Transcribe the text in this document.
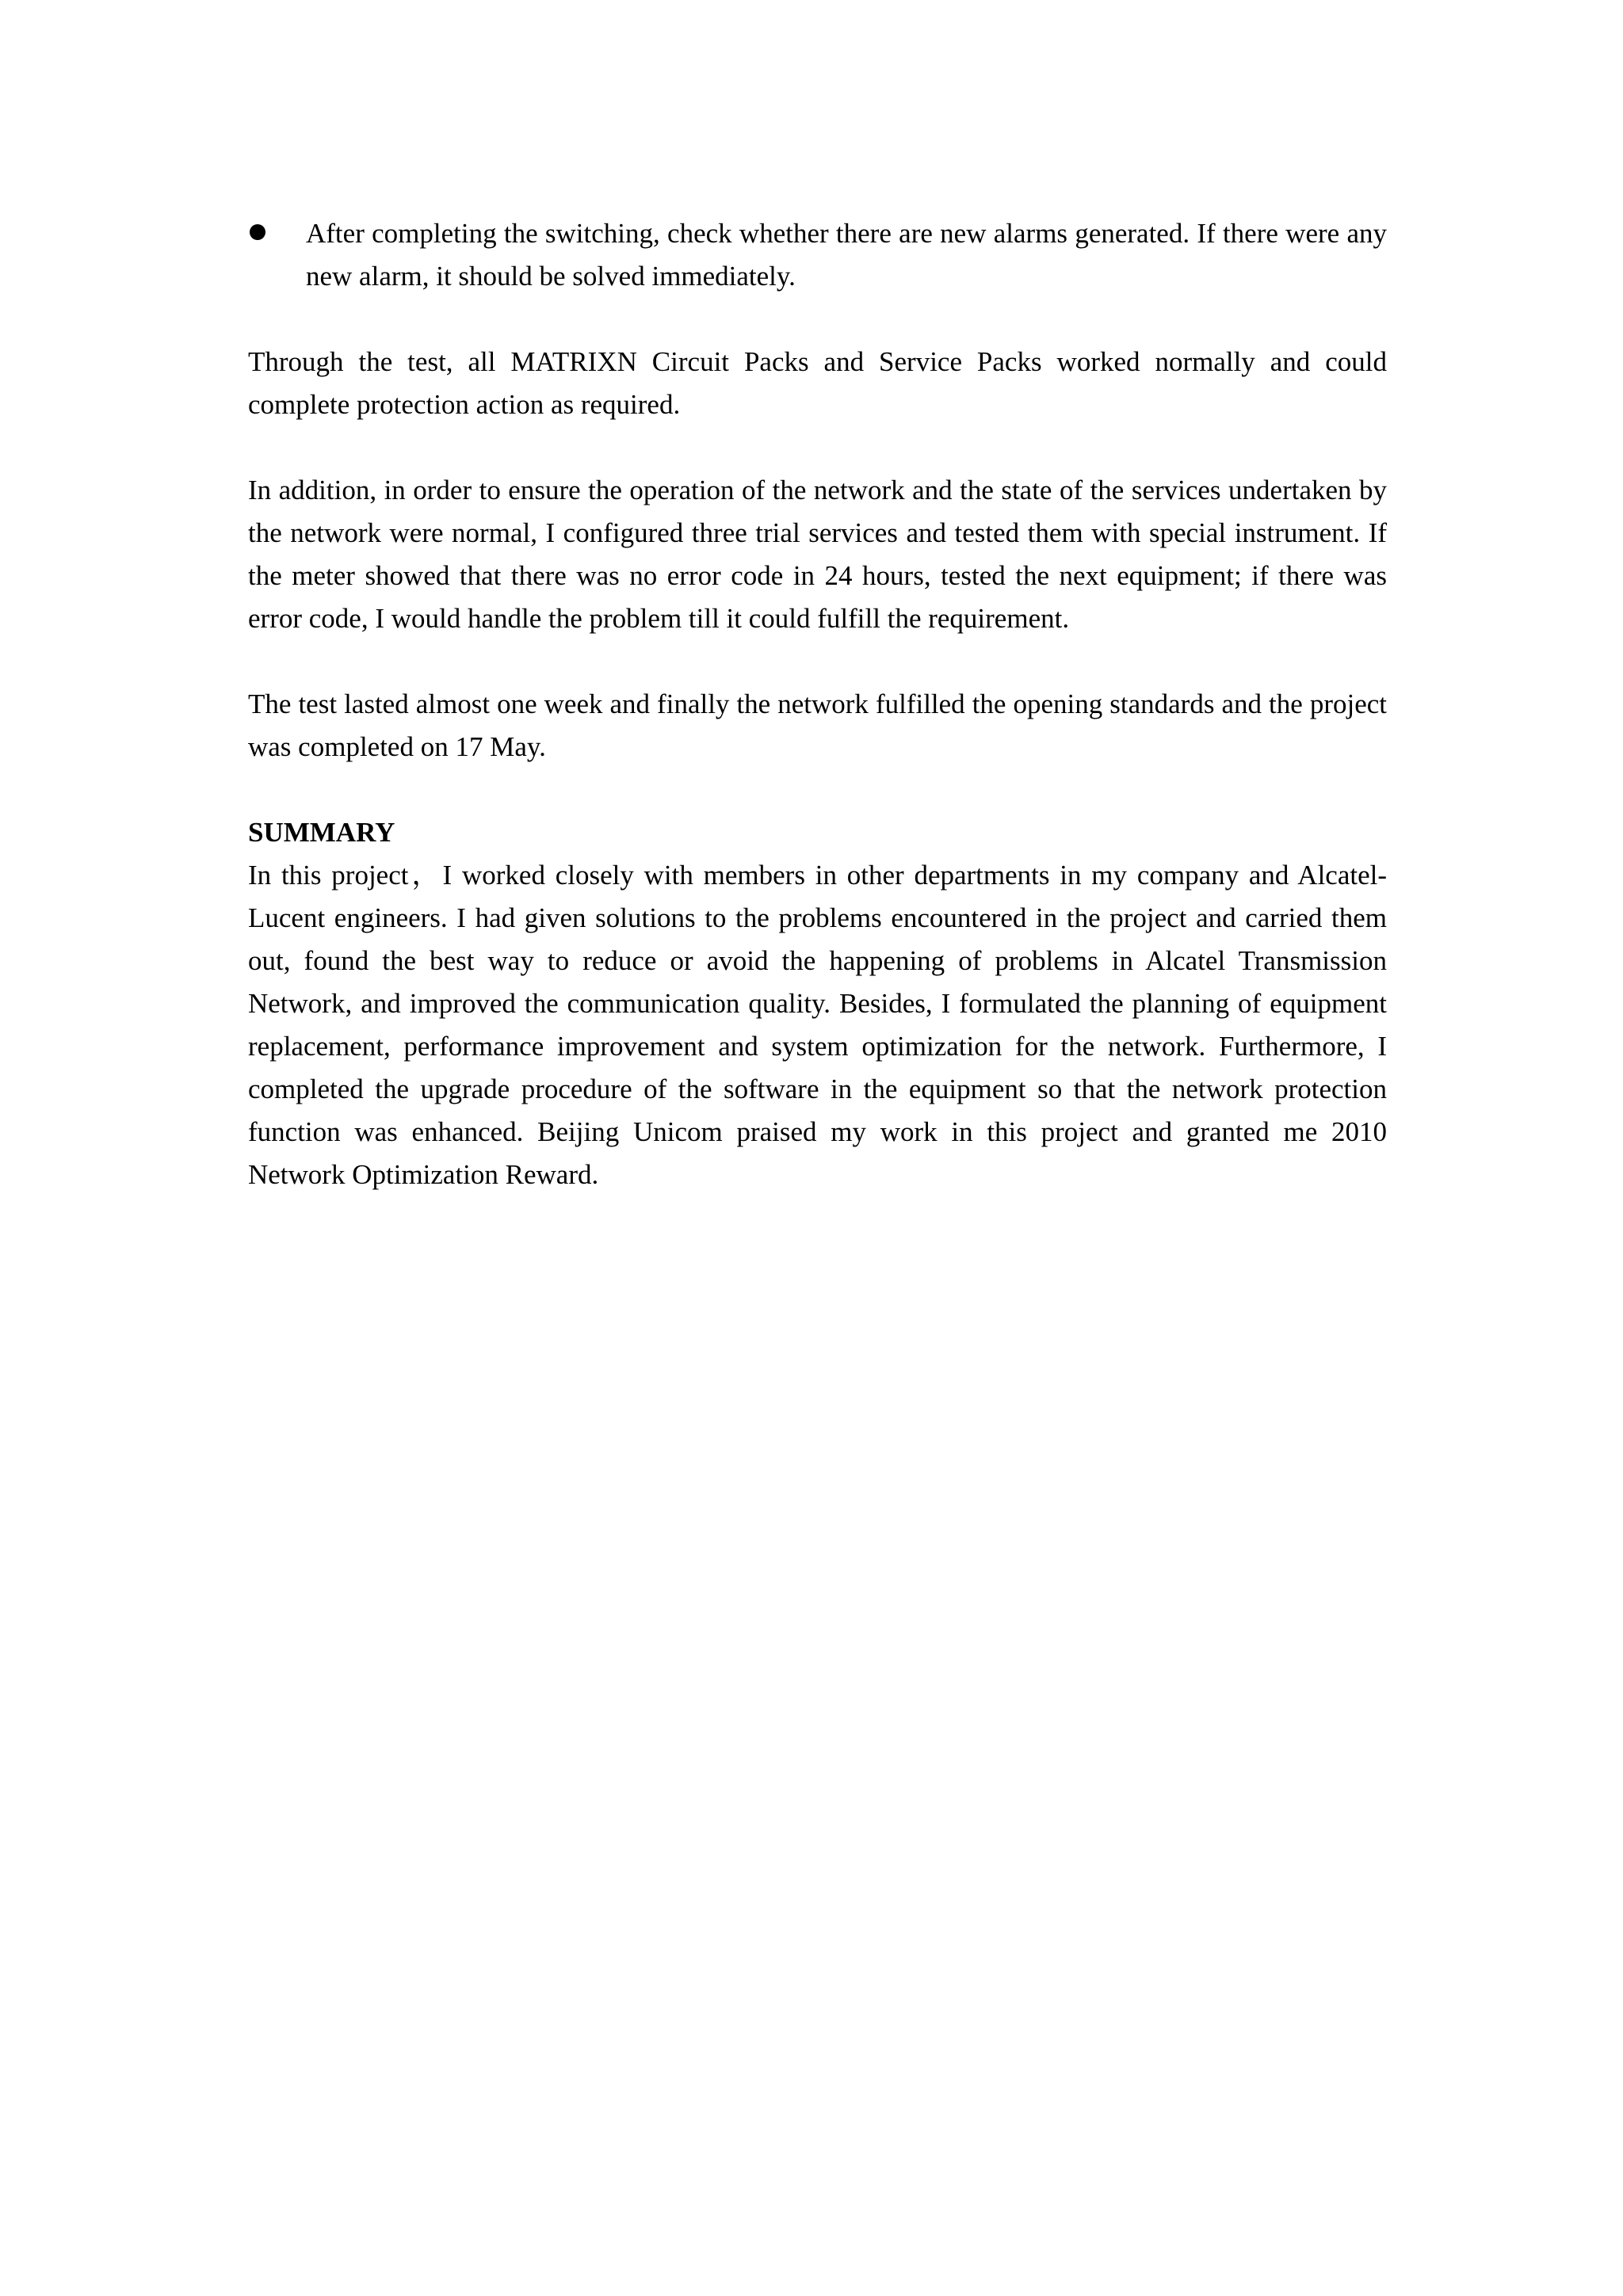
After completing the switching, check whether there are new alarms generated. If there were any new alarm, it should be solved immediately.

Through the test, all MATRIXN Circuit Packs and Service Packs worked normally and could complete protection action as required.

In addition, in order to ensure the operation of the network and the state of the services undertaken by the network were normal, I configured three trial services and tested them with special instrument. If the meter showed that there was no error code in 24 hours, tested the next equipment; if there was error code, I would handle the problem till it could fulfill the requirement.

The test lasted almost one week and finally the network fulfilled the opening standards and the project was completed on 17 May.

SUMMARY

In this project，I worked closely with members in other departments in my company and Alcatel-Lucent engineers. I had given solutions to the problems encountered in the project and carried them out, found the best way to reduce or avoid the happening of problems in Alcatel Transmission Network, and improved the communication quality. Besides, I formulated the planning of equipment replacement, performance improvement and system optimization for the network. Furthermore, I completed the upgrade procedure of the software in the equipment so that the network protection function was enhanced. Beijing Unicom praised my work in this project and granted me 2010 Network Optimization Reward.
